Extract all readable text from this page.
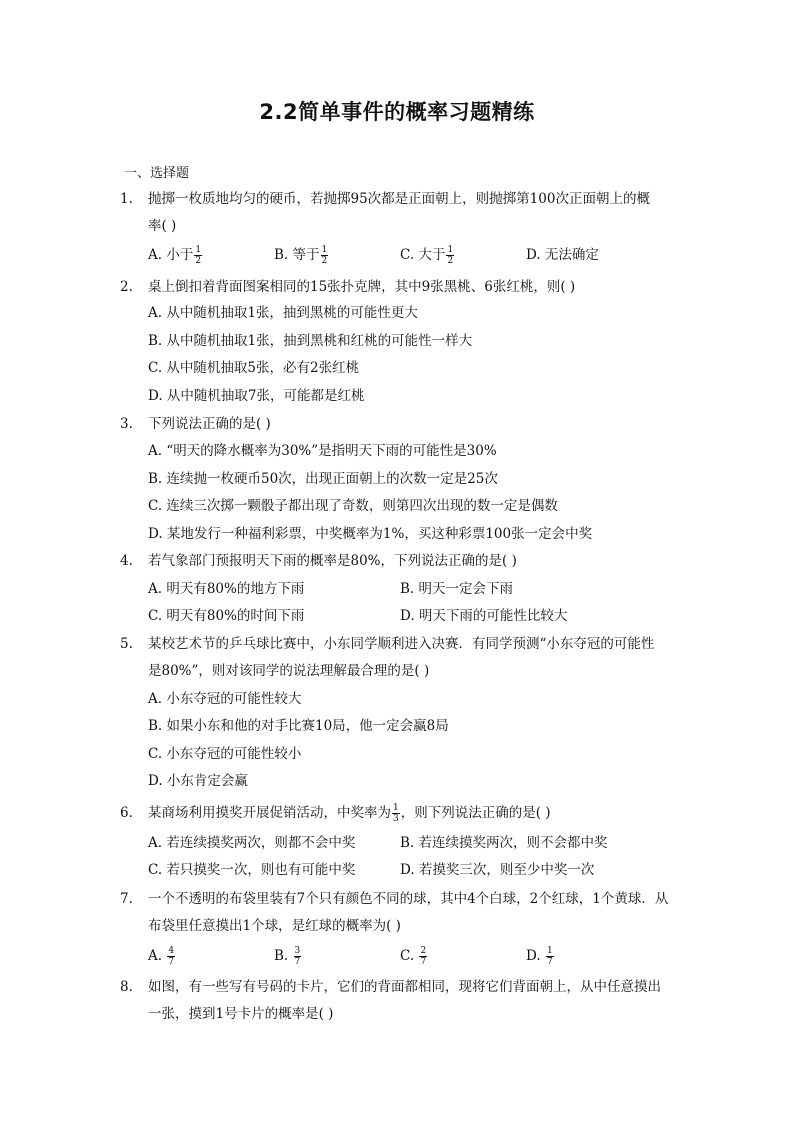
2.2简单事件的概率习题精练
一、选择题
1. 抛掷一枚质地均匀的硬币，若抛掷95次都是正面朝上，则抛掷第100次正面朝上的概
率( )
A. 小于 $\frac{1}{2}$	B. 等于 $\frac{1}{2}$	C. 大于 $\frac{1}{2}$	D. 无法确定
2. 桌上倒扣着背面图案相同的15张扑克牌，其中9张黑桃、6张红桃，则( )
A. 从中随机抽取1张，抽到黑桃的可能性更大
B. 从中随机抽取1张，抽到黑桃和红桃的可能性一样大
C. 从中随机抽取5张，必有2张红桃
D. 从中随机抽取7张，可能都是红桃
3. 下列说法正确的是( )
A. “明天的降水概率为30%”是指明天下雨的可能性是30%
B. 连续抛一枚硬币50次，出现正面朝上的次数一定是25次
C. 连续三次掷一颗骰子都出现了奇数，则第四次出现的数一定是偶数
D. 某地发行一种福利彩票，中奖概率为1%，买这种彩票100张一定会中奖
4. 若气象部门预报明天下雨的概率是80%，下列说法正确的是( )
A. 明天有80%的地方下雨	B. 明天一定会下雨
C. 明天有80%的时间下雨	D. 明天下雨的可能性比较大
5. 某校艺术节的乒乓球比赛中，小东同学顺利进入决赛．有同学预测“小东夺冠的可能性
是80%”，则对该同学的说法理解最合理的是( )
A. 小东夺冠的可能性较大
B. 如果小东和他的对手比赛10局，他一定会赢8局
C. 小东夺冠的可能性较小
D. 小东肯定会赢
6. 某商场利用摸奖开展促销活动，中奖率为 $\frac{1}{3}$ ，则下列说法正确的是( )
A. 若连续摸奖两次，则都不会中奖	B. 若连续摸奖两次，则不会都中奖
C. 若只摸奖一次，则也有可能中奖	D. 若摸奖三次，则至少中奖一次
7. 一个不透明的布袋里装有7个只有颜色不同的球，其中4个白球，2个红球，1个黄球．从
布袋里任意摸出1个球，是红球的概率为( )
A. $\frac{4}{7}$	B. $\frac{3}{7}$	C. $\frac{2}{7}$	D. $\frac{1}{7}$
8. 如图，有一些写有号码的卡片，它们的背面都相同，现将它们背面朝上，从中任意摸出
一张，摸到1号卡片的概率是( )
